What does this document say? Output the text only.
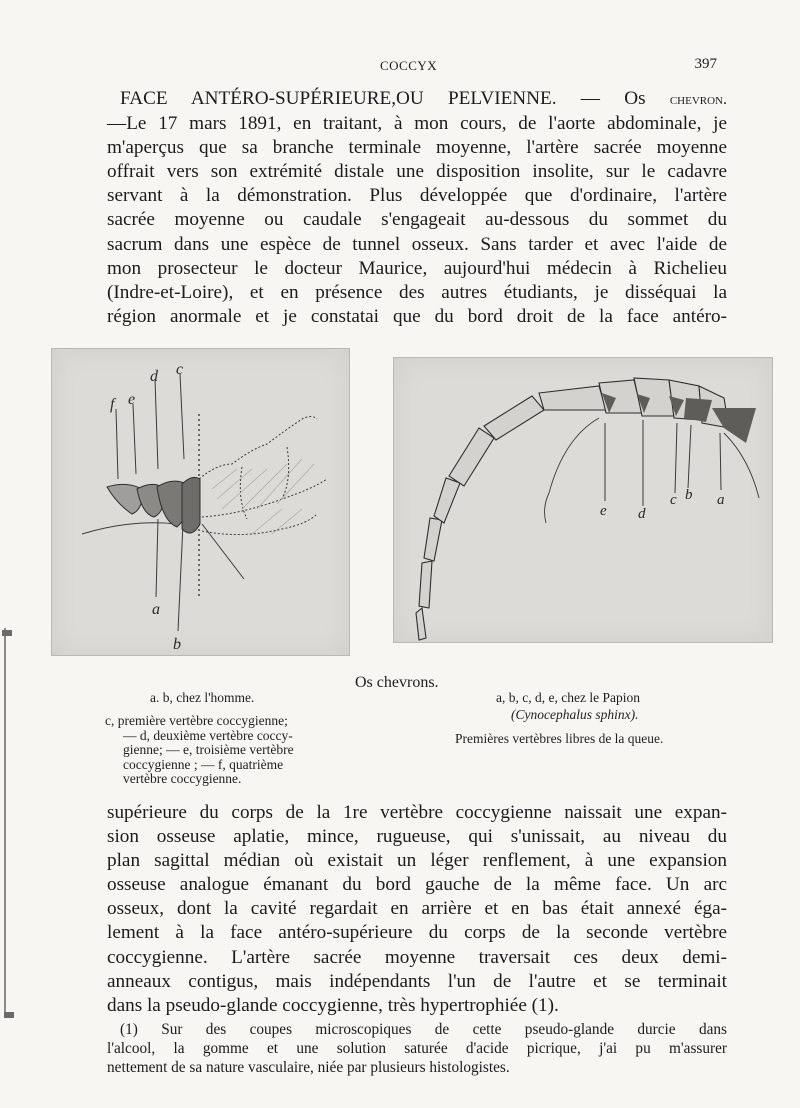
COCCYX	397
FACE ANTÉRO-SUPÉRIEURE,OU PELVIENNE. — Os chevron.
—Le 17 mars 1891, en traitant, à mon cours, de l'aorte abdominale, je
m'aperçus que sa branche terminale moyenne, l'artère sacrée moyenne
offrait vers son extrémité distale une disposition insolite, sur le cadavre
servant à la démonstration. Plus développée que d'ordinaire, l'artère
sacrée moyenne ou caudale s'engageait au-dessous du sommet du
sacrum dans une espèce de tunnel osseux. Sans tarder et avec l'aide de
mon prosecteur le docteur Maurice, aujourd'hui médecin à Richelieu
(Indre-et-Loire), et en présence des autres étudiants, je disséquai la
région anormale et je constatai que du bord droit de la face antéro-
f e
d c
a
b
e d
c b a
Os chevrons.
a. b, chez l'homme.
c, première vertèbre coccygienne;
— d, deuxième vertèbre coccy-
gienne; — e, troisième vertèbre
coccygienne ; — f, quatrième
vertèbre coccygienne.
a, b, c, d, e, chez le Papion
(Cynocephalus sphinx).
Premières vertèbres libres de la queue.
supérieure du corps de la 1re vertèbre coccygienne naissait une expan-
sion osseuse aplatie, mince, rugueuse, qui s'unissait, au niveau du
plan sagittal médian où existait un léger renflement, à une expansion
osseuse analogue émanant du bord gauche de la même face. Un arc
osseux, dont la cavité regardait en arrière et en bas était annexé éga-
lement à la face antéro-supérieure du corps de la seconde vertèbre
coccygienne. L'artère sacrée moyenne traversait ces deux demi-
anneaux contigus, mais indépendants l'un de l'autre et se terminait
dans la pseudo-glande coccygienne, très hypertrophiée (1).
(1) Sur des coupes microscopiques de cette pseudo-glande durcie dans
l'alcool, la gomme et une solution saturée d'acide picrique, j'ai pu m'assurer
nettement de sa nature vasculaire, niée par plusieurs histologistes.
